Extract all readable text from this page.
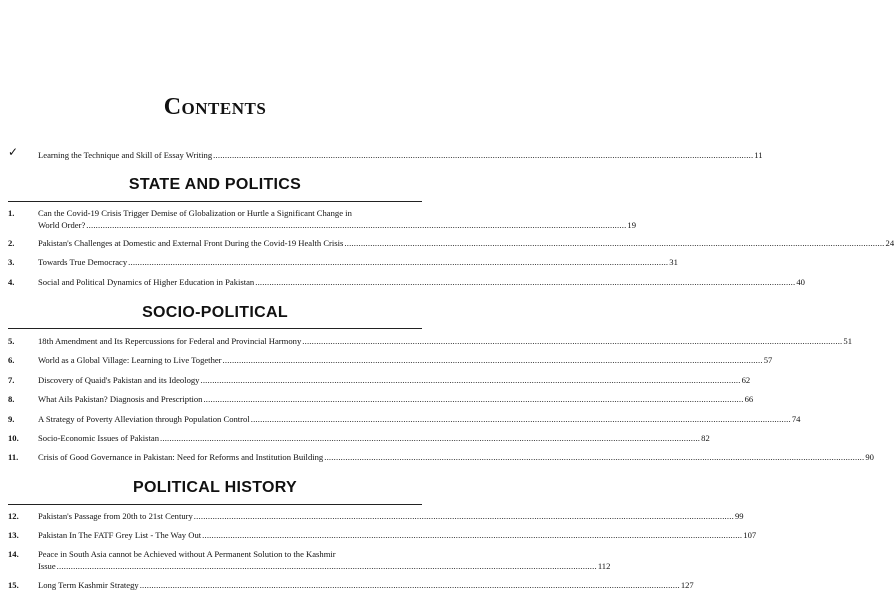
Contents
✓ Learning the Technique and Skill of Essay Writing .....	11
STATE AND POLITICS
1.	Can the Covid-19 Crisis Trigger Demise of Globalization or Hurtle a Significant Change in
World Order? .....	19
2.	Pakistan's Challenges at Domestic and External Front During the Covid-19 Health Crisis .....	24
3.	Towards True Democracy .....	31
4.	Social and Political Dynamics of Higher Education in Pakistan .....	40
SOCIO-POLITICAL
5.	18th Amendment and Its Repercussions for Federal and Provincial Harmony .....	51
6.	World as a Global Village: Learning to Live Together .....	57
7.	Discovery of Quaid's Pakistan and its Ideology .....	62
8.	What Ails Pakistan? Diagnosis and Prescription .....	66
9.	A Strategy of Poverty Alleviation through Population Control .....	74
10.	Socio-Economic Issues of Pakistan .....	82
11.	Crisis of Good Governance in Pakistan: Need for Reforms and Institution Building .....	90
POLITICAL HISTORY
12.	Pakistan's Passage from 20th to 21st Century .....	99
13.	Pakistan In The FATF Grey List - The Way Out .....	107
14.	Peace in South Asia cannot be Achieved without A Permanent Solution to the Kashmir
Issue .....	112
15.	Long Term Kashmir Strategy .....	127
